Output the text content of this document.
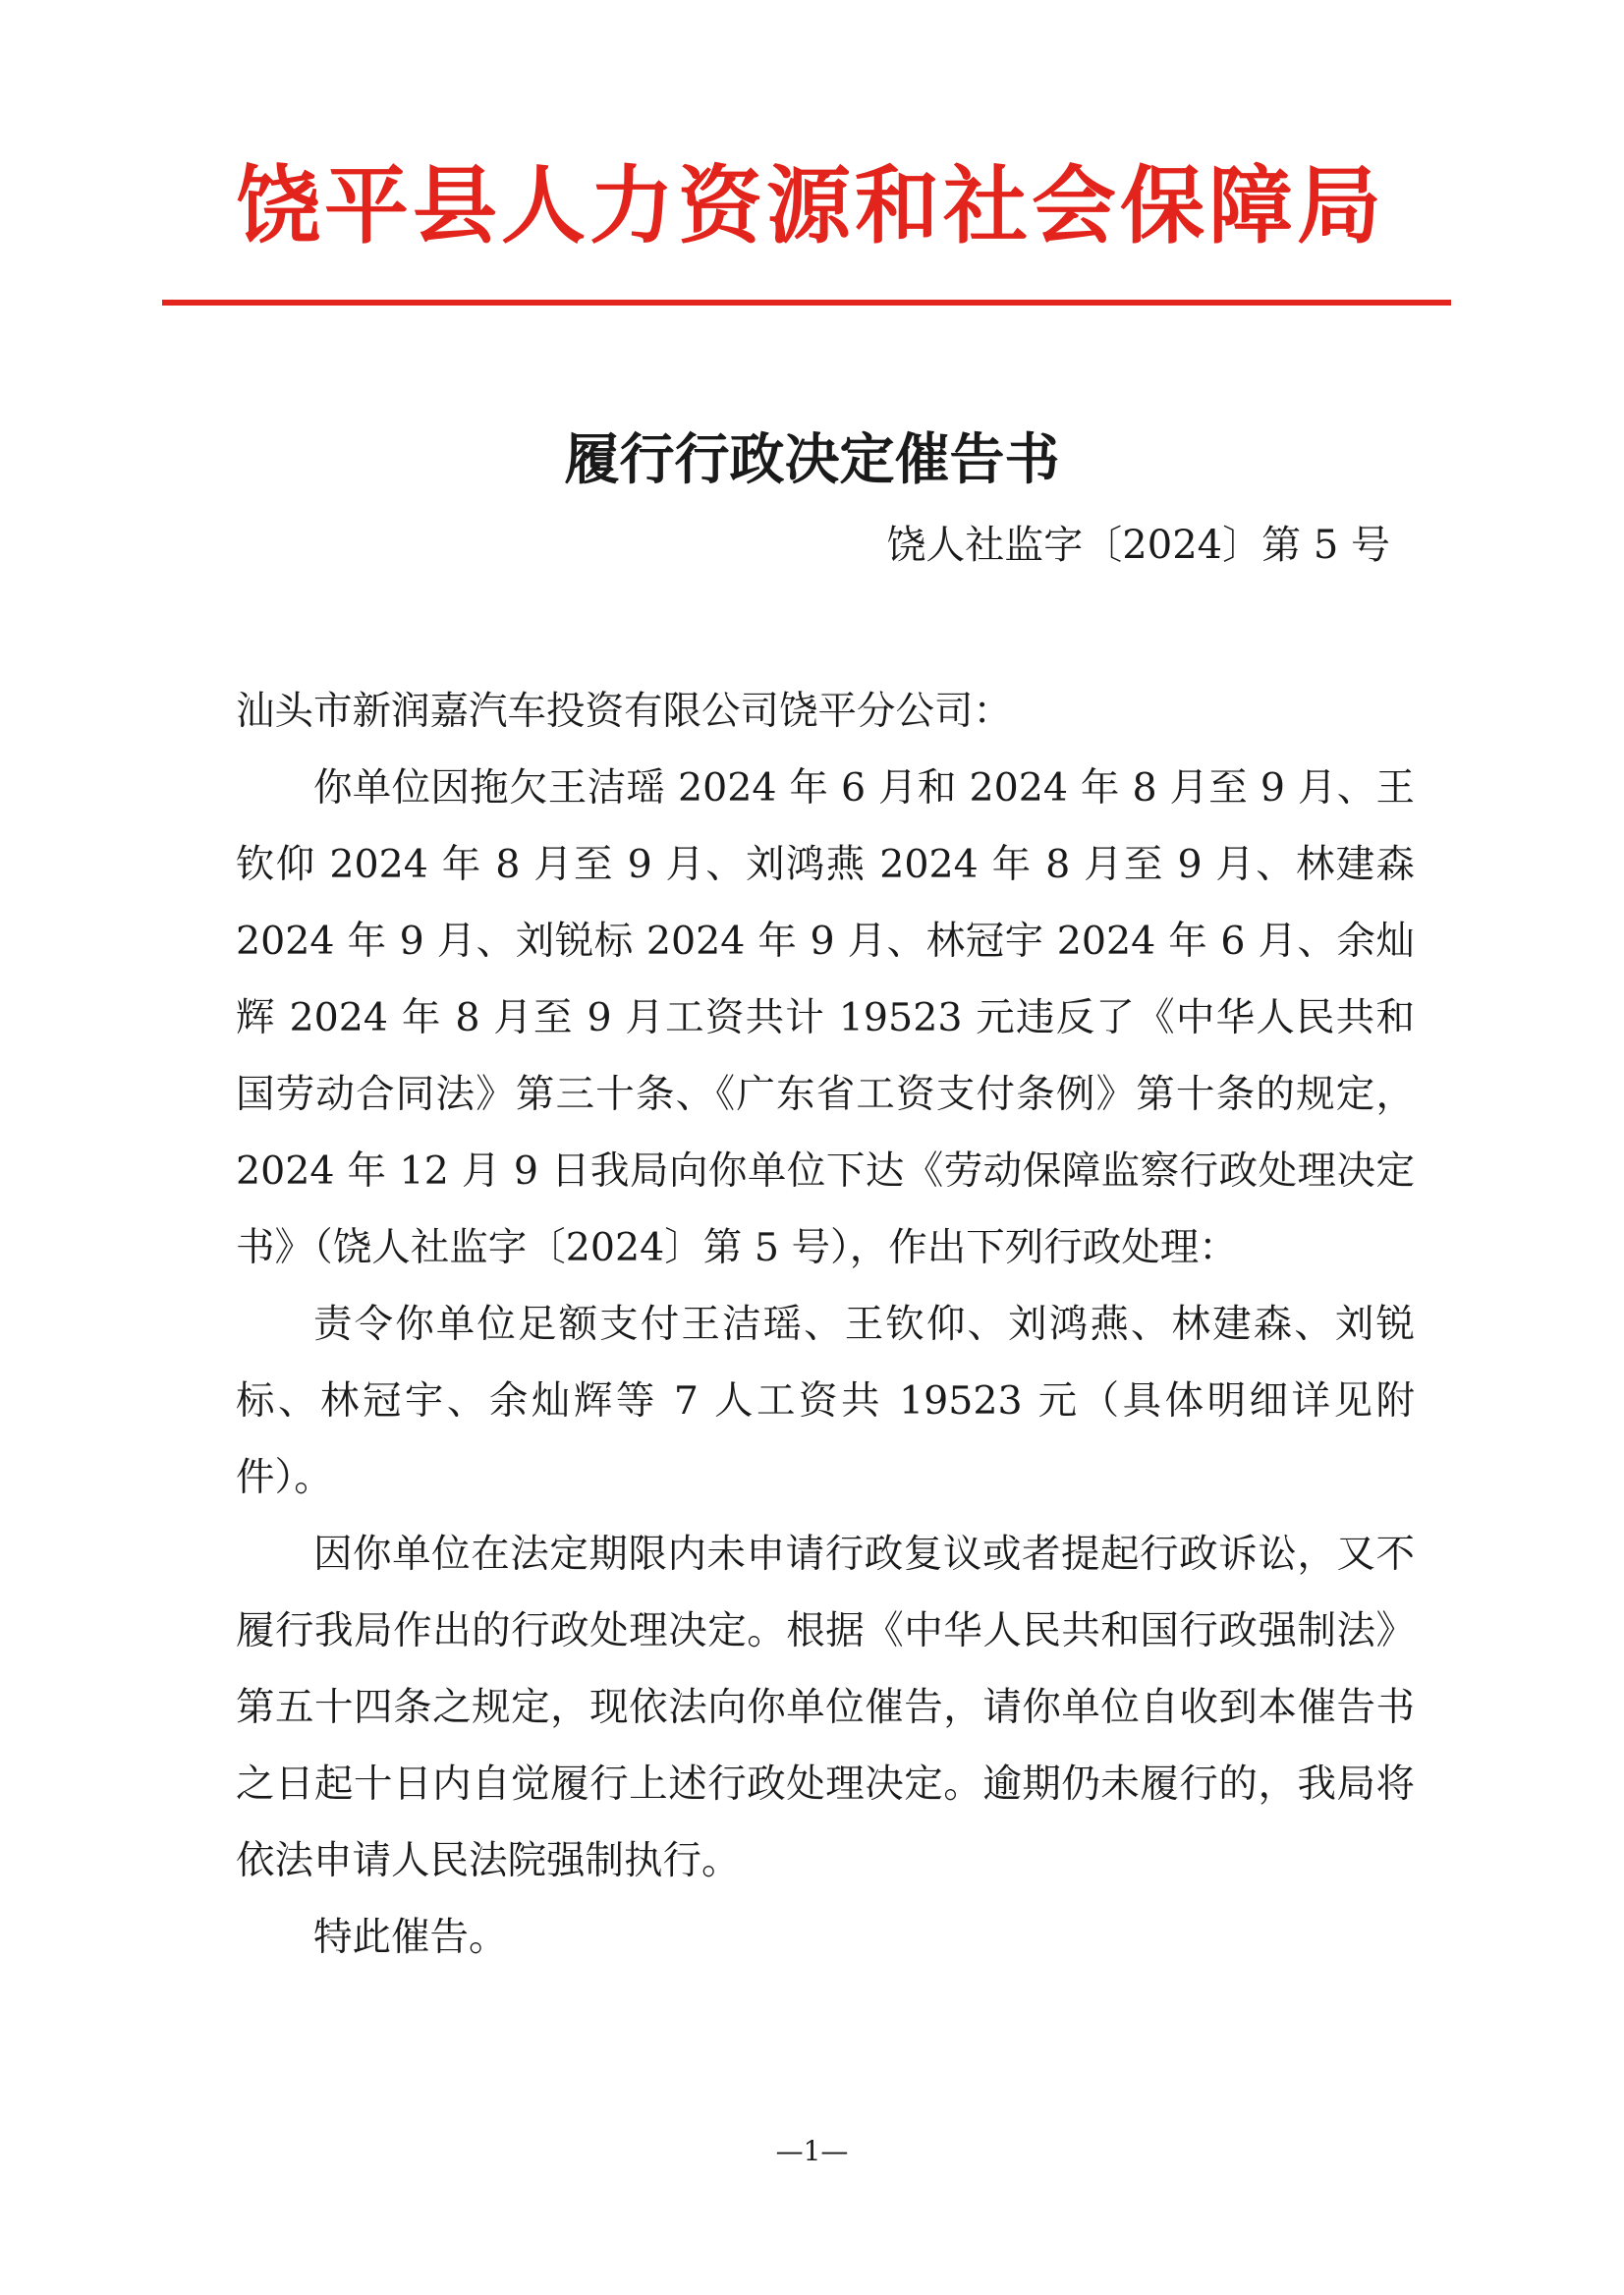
饶平县人力资源和社会保障局
履行行政决定催告书
饶人社监字〔2024〕第 5 号

汕头市新润嘉汽车投资有限公司饶平分公司：

你单位因拖欠王洁瑶 2024 年 6 月和 2024 年 8 月至 9 月、王钦仰 2024 年 8 月至 9 月、刘鸿燕 2024 年 8 月至 9 月、林建森 2024 年 9 月、刘锐标 2024 年 9 月、林冠宇 2024 年 6 月、余灿辉 2024 年 8 月至 9 月工资共计 19523 元违反了《中华人民共和国劳动合同法》第三十条、《广东省工资支付条例》第十条的规定，2024 年 12 月 9 日我局向你单位下达《劳动保障监察行政处理决定书》（饶人社监字〔2024〕第 5 号），作出下列行政处理：

责令你单位足额支付王洁瑶、王钦仰、刘鸿燕、林建森、刘锐标、林冠宇、余灿辉等 7 人工资共 19523 元（具体明细详见附件）。

因你单位在法定期限内未申请行政复议或者提起行政诉讼，又不履行我局作出的行政处理决定。根据《中华人民共和国行政强制法》第五十四条之规定，现依法向你单位催告，请你单位自收到本催告书之日起十日内自觉履行上述行政处理决定。逾期仍未履行的，我局将依法申请人民法院强制执行。

特此催告。

—1—
